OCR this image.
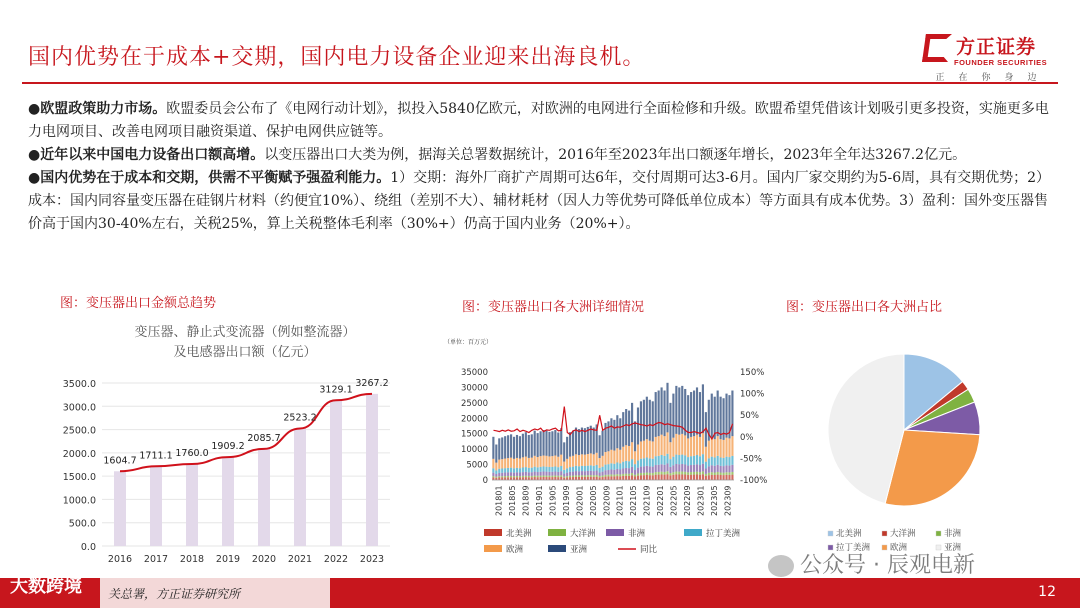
国内优势在于成本+交期，国内电力设备企业迎来出海良机。	方正证券
FOUNDER SECURITIES
正在你身边

●欧盟政策助力市场。欧盟委员会公布了《电网行动计划》，拟投入5840亿欧元，对欧洲的电网进行全面检修和升级。欧盟希望凭借该计划吸引更多投资，实施更多电力电网项目、改善电网项目融资渠道、保护电网供应链等。

●近年以来中国电力设备出口额高增。以变压器出口大类为例，据海关总署数据统计，2016年至2023年出口额逐年增长，2023年全年达3267.2亿元。

●国内优势在于成本和交期，供需不平衡赋予强盈利能力。1）交期：海外厂商扩产周期可达6年，交付周期可达3-6月。国内厂家交期约为5-6周，具有交期优势；2）成本：国内同容量变压器在硅钢片材料（约便宜10%）、绕组（差别不大）、辅材耗材（因人力等优势可降低单位成本）等方面具有成本优势。3）盈利：国外变压器售价高于国内30-40%左右，关税25%，算上关税整体毛利率（30%+）仍高于国内业务（20%+）。

图：变压器出口金额总趋势	图：变压器出口各大洲详细情况	图：变压器出口各大洲占比
变压器、静止式变流器（例如整流器）
及电感器出口额（亿元）
0.0
500.0
1000.0
1500.0
2000.0
2500.0
3000.0
3500.0
1604.7 1711.1 1760.0
1909.2
2085.7
2523.2
3129.1
3267.2
2016 2017 2018 2019 2020 2021 2022 2023
（单位：百万元）
0
5000
10000
15000
20000
25000
30000
35000
-100%
-50%
0%
50%
100%
150%
201801 201805 201809 201901 201905 201909 202001 202005 202009 202101 202105 202109 202201 202205 202209 202301 202305 202309
北美洲	大洋洲	非洲	拉丁美洲
欧洲	亚洲	同比
北美洲	大洋洲	非洲
拉丁美洲 欧洲	亚洲
关总署，方正证券研究所	12
大数跨境
公众号 · 辰观电新
